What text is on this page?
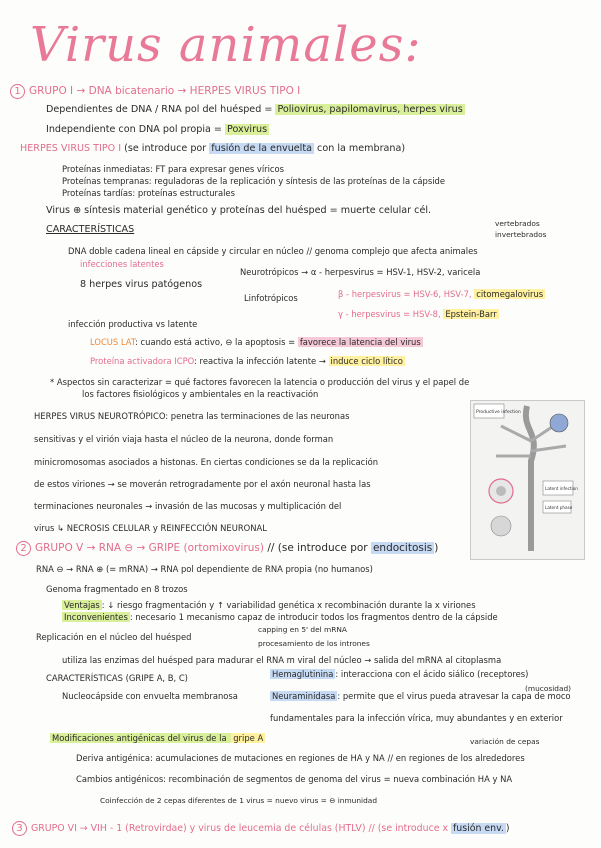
Virus animales:
1 GRUPO I → DNA bicatenario → HERPES VIRUS TIPO I
Dependientes de DNA / RNA pol del huésped = Poliovirus, papilomavirus, herpes virus
Independiente con DNA pol propia = Poxvirus
HERPES VIRUS TIPO I (se introduce por fusión de la envuelta con la membrana)
Proteínas inmediatas: FT para expresar genes víricos
Proteínas tempranas: reguladoras de la replicación y síntesis de las proteínas de la cápside
Proteínas tardías: proteínas estructurales
Virus ⊕ síntesis material genético y proteínas del huésped = muerte celular cél.
vertebrados
invertebrados
CARACTERÍSTICAS
DNA doble cadena lineal en cápside y circular en núcleo // genoma complejo que afecta animales
infecciones latentes
8 herpes virus patógenos
Neurotrópicos → α - herpesvirus = HSV-1, HSV-2, varicela
Linfotrópicos	β - herpesvirus = HSV-6, HSV-7, citomegalovirus
γ - herpesvirus = HSV-8, Epstein-Barr
infección productiva vs latente
LOCUS LAT: cuando está activo, ⊖ la apoptosis = favorece la latencia del virus
Proteína activadora ICPO: reactiva la infección latente → induce ciclo lítico
* Aspectos sin caracterizar = qué factores favorecen la latencia o producción del virus y el papel de
los factores fisiológicos y ambientales en la reactivación
HERPES VIRUS NEUROTRÓPICO: penetra las terminaciones de las neuronas
sensitivas y el virión viaja hasta el núcleo de la neurona, donde forman
minicromosomas asociados a histonas. En ciertas condiciones se da la replicación
de estos viriones → se moverán retrogradamente por el axón neuronal hasta las
terminaciones neuronales → invasión de las mucosas y multiplicación del
virus ↳ NECROSIS CELULAR y REINFECCIÓN NEURONAL
Productive infection
Latent infection
Latent phase
2 GRUPO V → RNA ⊖ → GRIPE (ortomixovirus) // (se introduce por endocitosis )
RNA ⊖ → RNA ⊕ (= mRNA) → RNA pol dependiente de RNA propia (no humanos)
Genoma fragmentado en 8 trozos
Ventajas : ↓ riesgo fragmentación y ↑ variabilidad genética x recombinación durante la x viriones
Inconvenientes : necesario 1 mecanismo capaz de introducir todos los fragmentos dentro de la cápside
capping en 5' del mRNA
procesamiento de los intrones
Replicación en el núcleo del huésped
utiliza las enzimas del huésped para madurar el RNA m viral del núcleo → salida del mRNA al citoplasma
CARACTERÍSTICAS (GRIPE A, B, C)	Hemaglutinina : interacciona con el ácido siálico (receptores)
(mucosidad)
Nucleocápside con envuelta membranosa	Neuraminidasa : permite que el virus pueda atravesar la capa de moco
fundamentales para la infección vírica, muy abundantes y en exterior
Modificaciones antigénicas del virus de la gripe A	variación de cepas
Deriva antigénica: acumulaciones de mutaciones en regiones de HA y NA // en regiones de los alrededores
Cambios antigénicos: recombinación de segmentos de genoma del virus = nueva combinación HA y NA
Coinfección de 2 cepas diferentes de 1 virus = nuevo virus = ⊖ inmunidad
3 GRUPO VI → VIH - 1 (Retrovirdae) y virus de leucemia de células (HTLV) // (se introduce x fusión env. )
